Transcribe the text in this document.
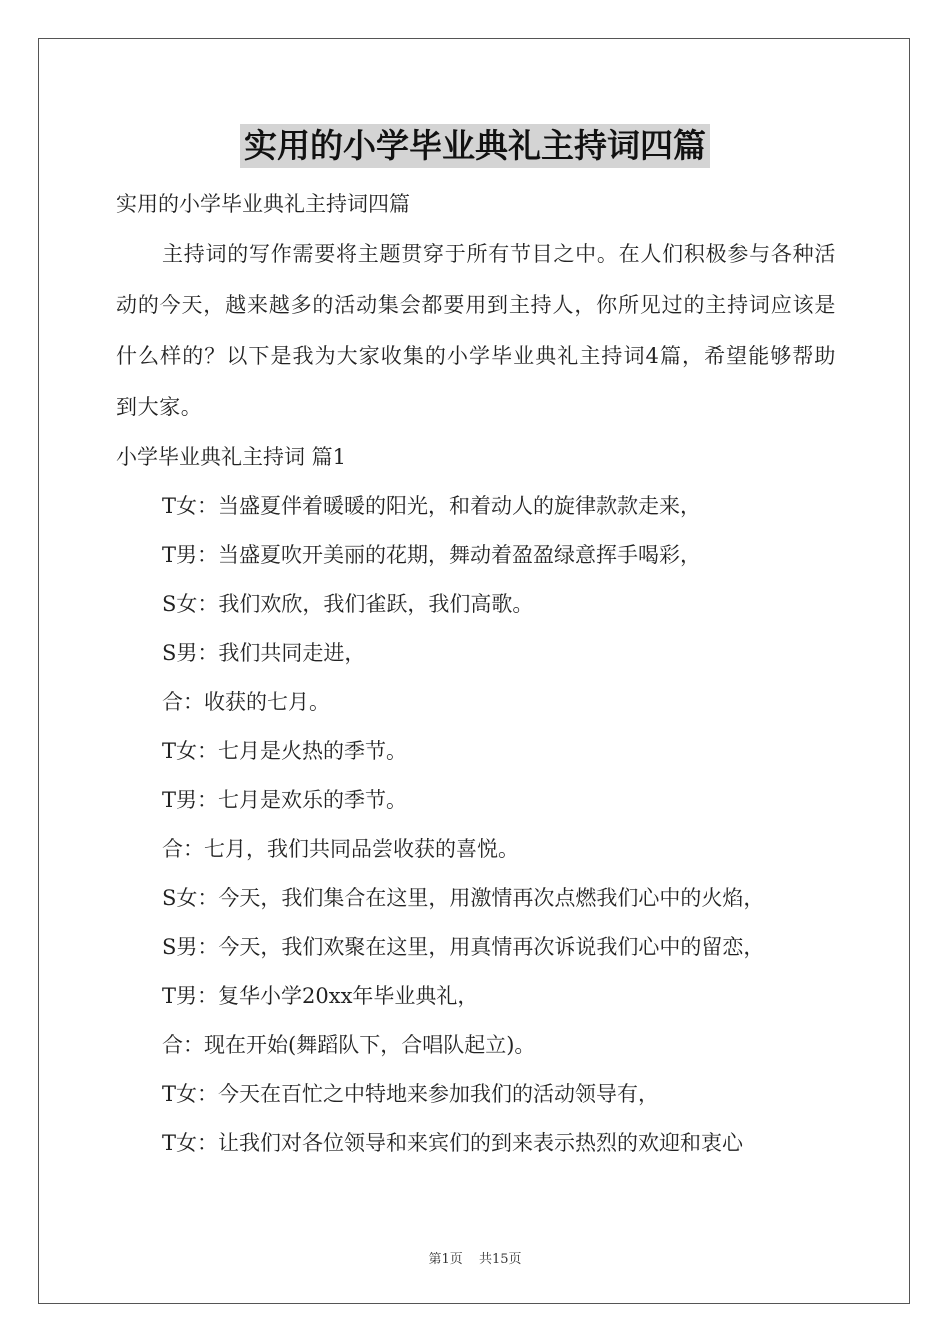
实用的小学毕业典礼主持词四篇
实用的小学毕业典礼主持词四篇
主持词的写作需要将主题贯穿于所有节目之中。在人们积极参与各种活动的今天，越来越多的活动集会都要用到主持人，你所见过的主持词应该是什么样的？以下是我为大家收集的小学毕业典礼主持词4篇，希望能够帮助到大家。
小学毕业典礼主持词 篇1
T女：当盛夏伴着暖暖的阳光，和着动人的旋律款款走来，
T男：当盛夏吹开美丽的花期，舞动着盈盈绿意挥手喝彩，
S女：我们欢欣，我们雀跃，我们高歌。
S男：我们共同走进，
合：收获的七月。
T女：七月是火热的季节。
T男：七月是欢乐的季节。
合：七月，我们共同品尝收获的喜悦。
S女：今天，我们集合在这里，用激情再次点燃我们心中的火焰，
S男：今天，我们欢聚在这里，用真情再次诉说我们心中的留恋，
T男：复华小学20xx年毕业典礼，
合：现在开始(舞蹈队下，合唱队起立)。
T女：今天在百忙之中特地来参加我们的活动领导有，
T女：让我们对各位领导和来宾们的到来表示热烈的欢迎和衷心
第1页 共15页
